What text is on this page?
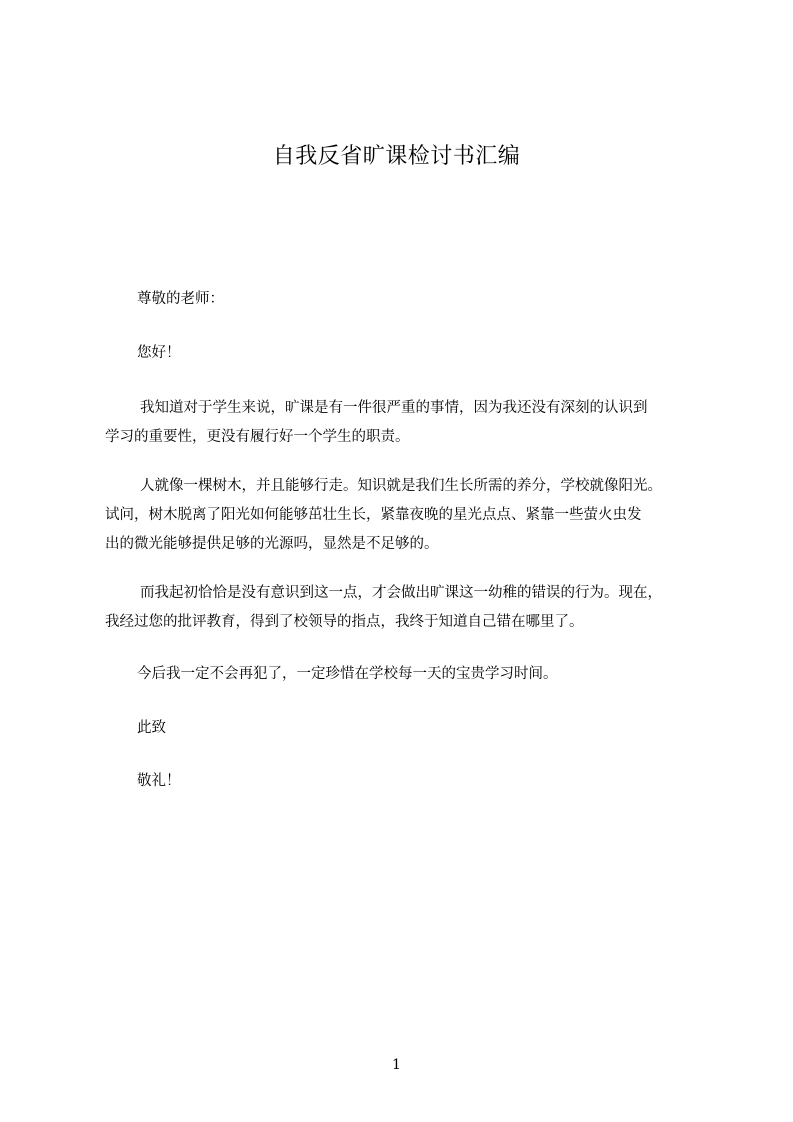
自我反省旷课检讨书汇编
尊敬的老师：
您好！
我知道对于学生来说，旷课是有一件很严重的事情，因为我还没有深刻的认识到
学习的重要性，更没有履行好一个学生的职责。
人就像一棵树木，并且能够行走。知识就是我们生长所需的养分，学校就像阳光。
试问，树木脱离了阳光如何能够茁壮生长，紧靠夜晚的星光点点、紧靠一些萤火虫发
出的微光能够提供足够的光源吗，显然是不足够的。
而我起初恰恰是没有意识到这一点，才会做出旷课这一幼稚的错误的行为。现在，
我经过您的批评教育，得到了校领导的指点，我终于知道自己错在哪里了。
今后我一定不会再犯了，一定珍惜在学校每一天的宝贵学习时间。
此致
敬礼！
1
